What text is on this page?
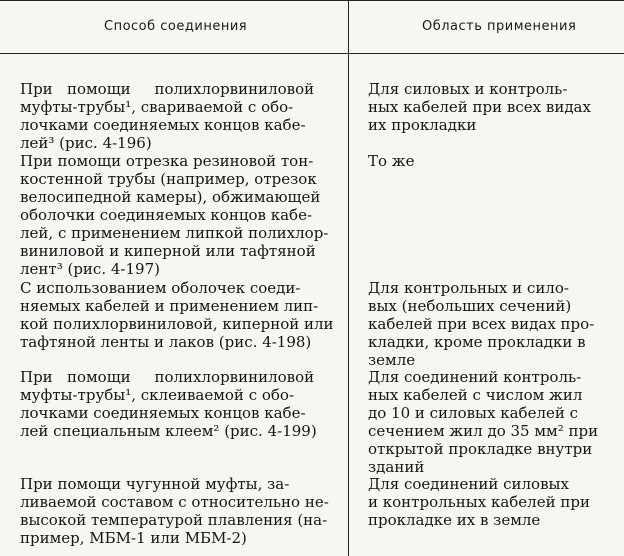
Способ соединения	Область применения
При   помощи     полихлорвиниловой
муфты-трубы¹, свариваемой с обо-
лочками соединяемых концов кабе-
лей³ (рис. 4-196)
Для силовых и контроль-
ных кабелей при всех видах
их прокладки
При помощи отрезка резиновой тон-
костенной трубы (например, отрезок
велосипедной камеры), обжимающей
оболочки соединяемых концов кабе-
лей, с применением липкой полихлор-
виниловой и киперной или тафтяной
лент³ (рис. 4-197)
То же
С использованием оболочек соеди-
няемых кабелей и применением лип-
кой полихлорвиниловой, киперной или
тафтяной ленты и лаков (рис. 4-198)
Для контрольных и сило-
вых (небольших сечений)
кабелей при всех видах про-
кладки, кроме прокладки в
земле
При   помощи     полихлорвиниловой
муфты-трубы¹, склеиваемой с обо-
лочками соединяемых концов кабе-
лей специальным клеем² (рис. 4-199)
Для соединений контроль-
ных кабелей с числом жил
до 10 и силовых кабелей с
сечением жил до 35 мм² при
открытой прокладке внутри
зданий
При помощи чугунной муфты, за-
ливаемой составом с относительно не-
высокой температурой плавления (на-
пример, МБМ-1 или МБМ-2)
Для соединений силовых
и контрольных кабелей при
прокладке их в земле
